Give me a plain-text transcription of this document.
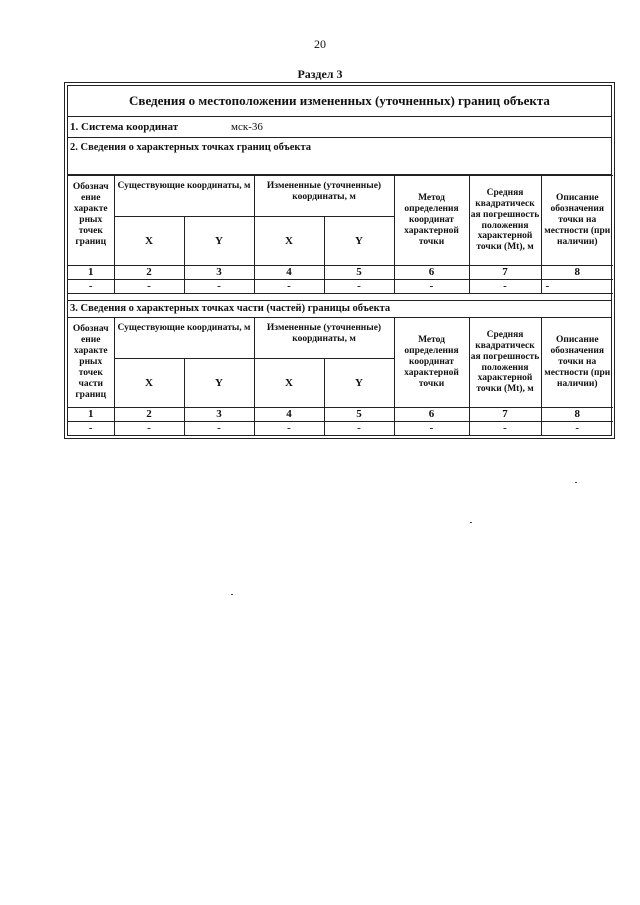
20
Раздел 3
Сведения о местоположении измененных (уточненных) границ объекта
1. Система координат	мск-36
2. Сведения о характерных точках границ объекта
Обознач ение характе рных точек границ	Существующие координаты, м		Измененные (уточненные) координаты, м		Метод определения координат характерной точки	Средняя квадратическ ая погрешность положения характерной точки (Mt), м	Описание обозначения точки на местности (при наличии)
	X	Y	X	Y			
1	2	3	4	5	6	7	8
-	-	-	-	-	-	-	-
3. Сведения о характерных точках части (частей) границы объекта
Обознач ение характе рных точек части границ	Существующие координаты, м		Измененные (уточненные) координаты, м		Метод определения координат характерной точки	Средняя квадратическ ая погрешность положения характерной точки (Mt), м	Описание обозначения точки на местности (при наличии)
	X	Y	X	Y			
1	2	3	4	5	6	7	8
-	-	-	-	-	-	-	-
